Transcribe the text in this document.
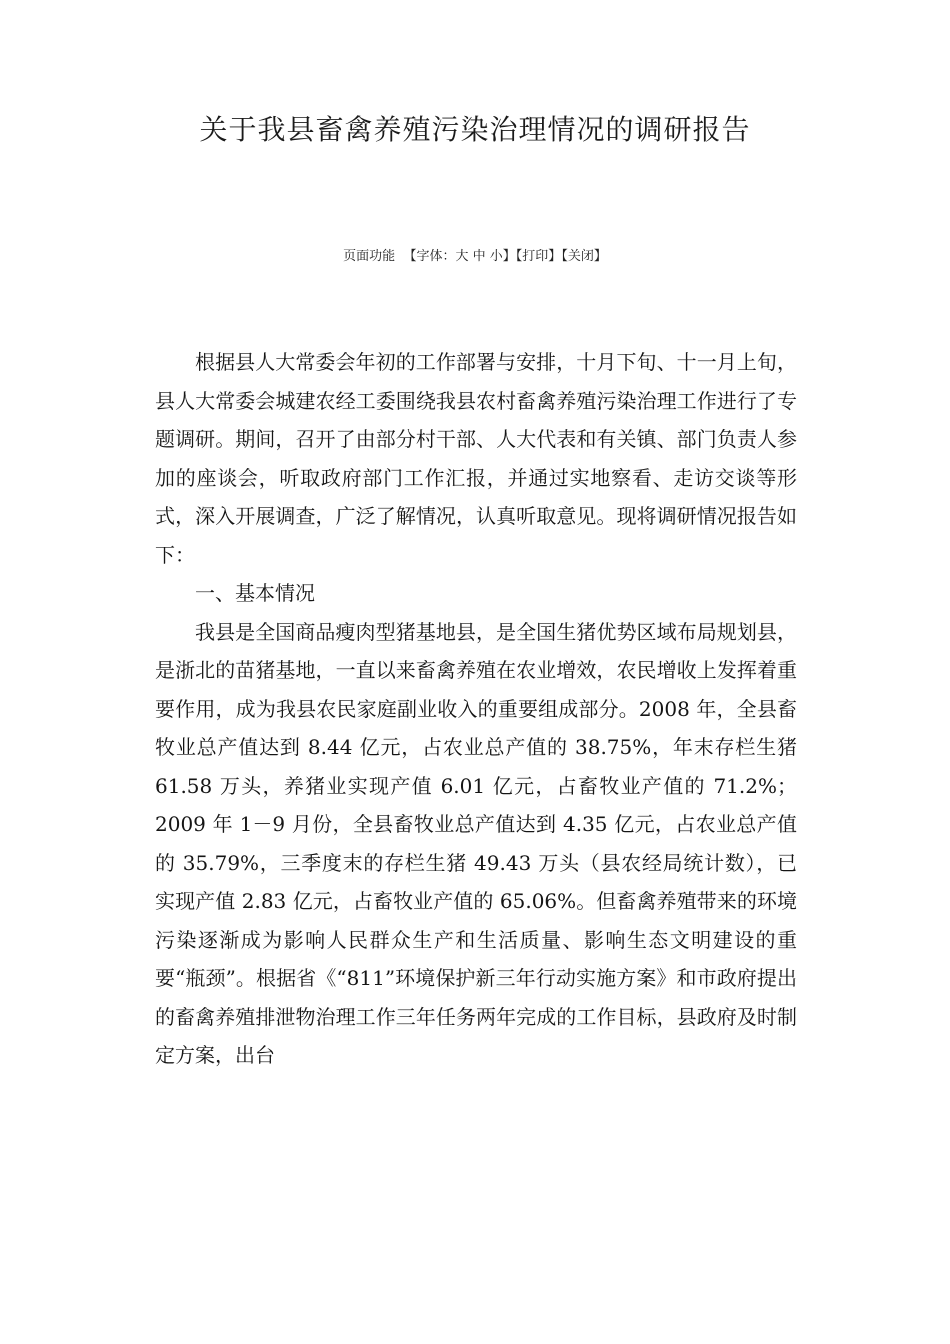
关于我县畜禽养殖污染治理情况的调研报告
页面功能 【字体：大 中 小】【打印】【关闭】

根据县人大常委会年初的工作部署与安排，十月下旬、十一月上旬，县人大常委会城建农经工委围绕我县农村畜禽养殖污染治理工作进行了专题调研。期间，召开了由部分村干部、人大代表和有关镇、部门负责人参加的座谈会，听取政府部门工作汇报，并通过实地察看、走访交谈等形式，深入开展调查，广泛了解情况，认真听取意见。现将调研情况报告如下：

一、基本情况

我县是全国商品瘦肉型猪基地县，是全国生猪优势区域布局规划县，是浙北的苗猪基地，一直以来畜禽养殖在农业增效，农民增收上发挥着重要作用，成为我县农民家庭副业收入的重要组成部分。2008 年，全县畜牧业总产值达到 8.44 亿元，占农业总产值的 38.75%，年末存栏生猪 61.58 万头，养猪业实现产值 6.01 亿元，占畜牧业产值的 71.2%；2009 年 1－9 月份，全县畜牧业总产值达到 4.35 亿元，占农业总产值的 35.79%，三季度末的存栏生猪 49.43 万头（县农经局统计数），已实现产值 2.83 亿元，占畜牧业产值的 65.06%。但畜禽养殖带来的环境污染逐渐成为影响人民群众生产和生活质量、影响生态文明建设的重要“瓶颈”。根据省《“811”环境保护新三年行动实施方案》和市政府提出的畜禽养殖排泄物治理工作三年任务两年完成的工作目标，县政府及时制定方案，出台
